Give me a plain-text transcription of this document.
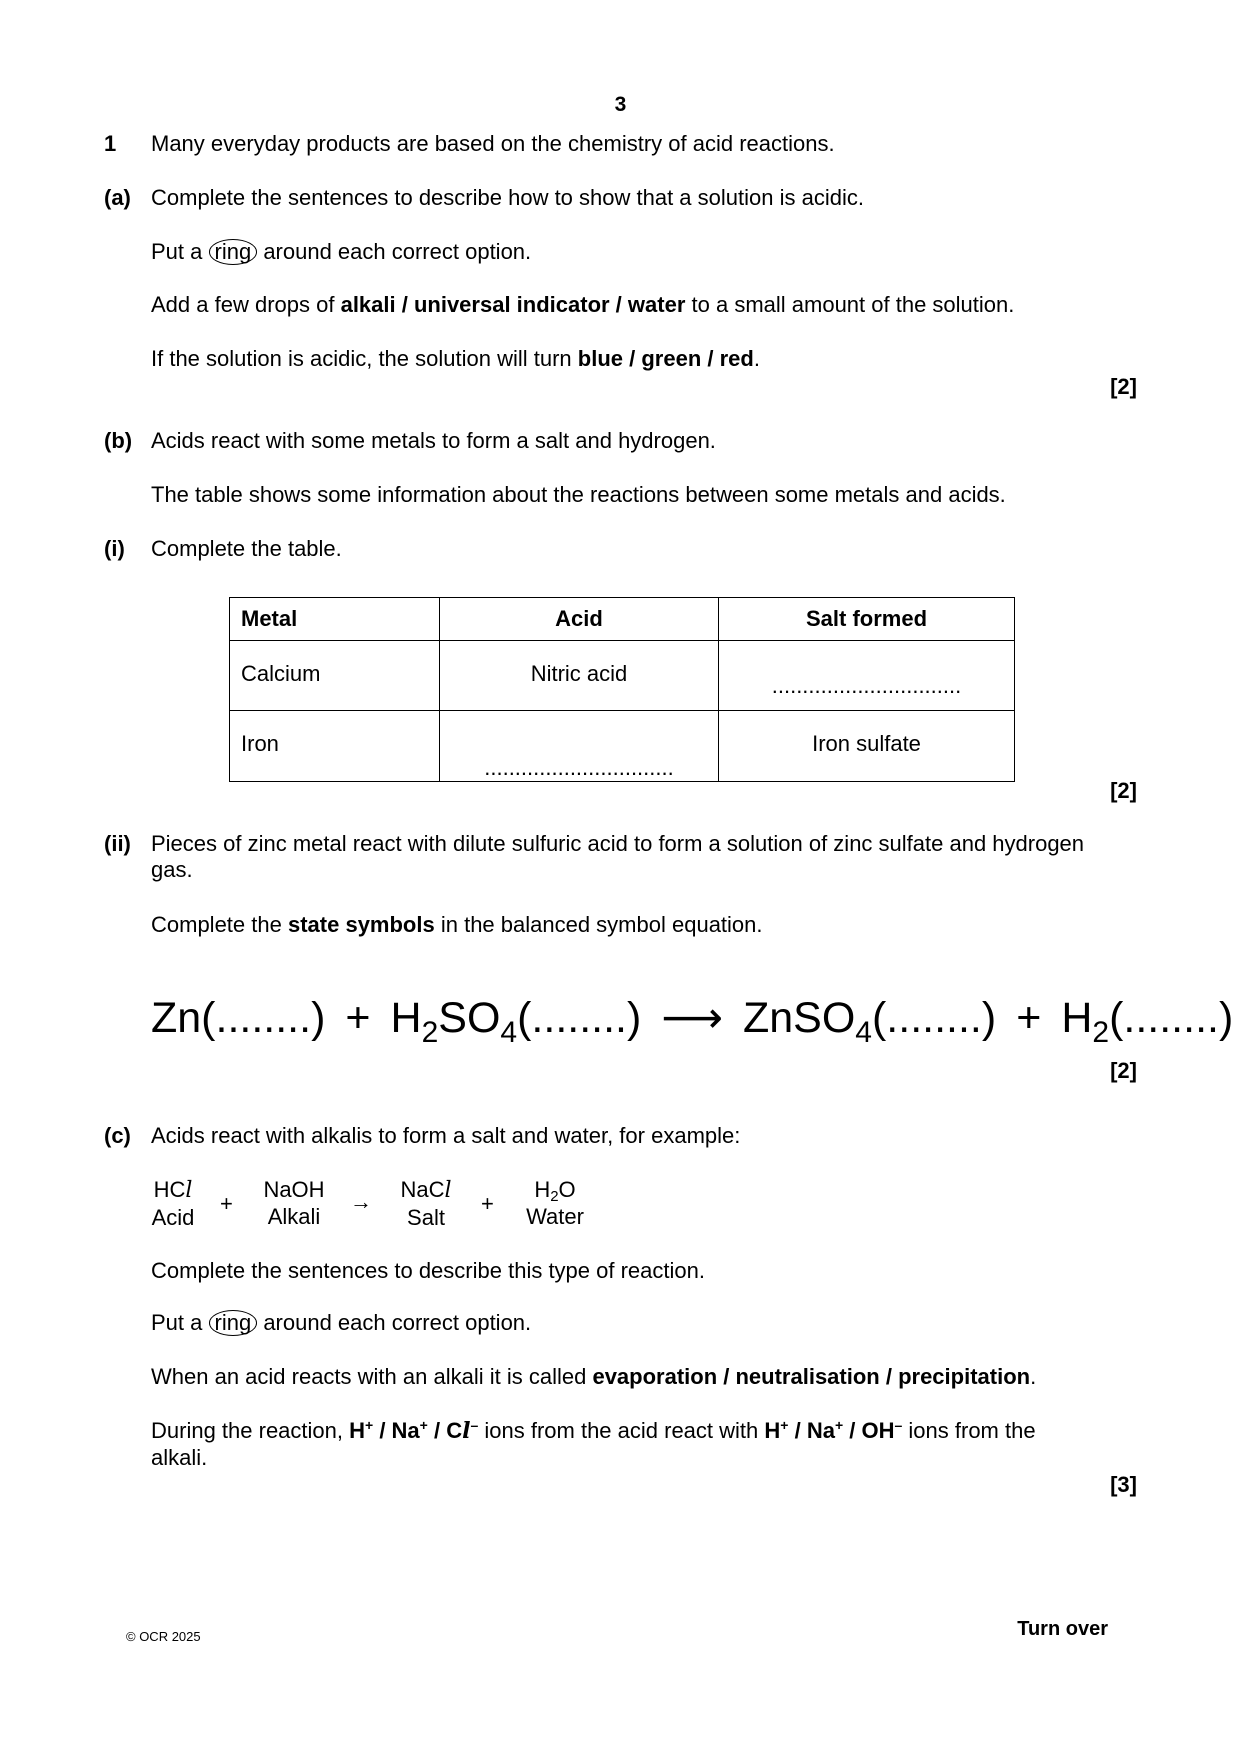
3
1 Many everyday products are based on the chemistry of acid reactions.
(a) Complete the sentences to describe how to show that a solution is acidic.
Put a ring around each correct option.
Add a few drops of alkali / universal indicator / water to a small amount of the solution.
If the solution is acidic, the solution will turn blue / green / red.
[2]
(b) Acids react with some metals to form a salt and hydrogen.
The table shows some information about the reactions between some metals and acids.
(i) Complete the table.
Metal	Acid	Salt formed

Calcium	Nitric acid	...............................

Iron	...............................	Iron sulfate
[2]
(ii) Pieces of zinc metal react with dilute sulfuric acid to form a solution of zinc sulfate and hydrogen
gas.
Complete the state symbols in the balanced symbol equation.
$Zn(........) + H_2SO_4(........)$ ⟶ ZnSO$_4$(........) + $H_2(........)$
[2]
(c) Acids react with alkalis to form a salt and water, for example:
HCl
Acid
+
NaOH
Alkali
→	NaCl
Salt
+
$H_2O$
Water
Complete the sentences to describe this type of reaction.
Put a ring around each correct option.
When an acid reacts with an alkali it is called evaporation / neutralisation / precipitation.
During the reaction, H+ / Na+ / Cl– ions from the acid react with H+ / Na+ / OH– ions from the
alkali.
[3]
© OCR 2025	Turn over
